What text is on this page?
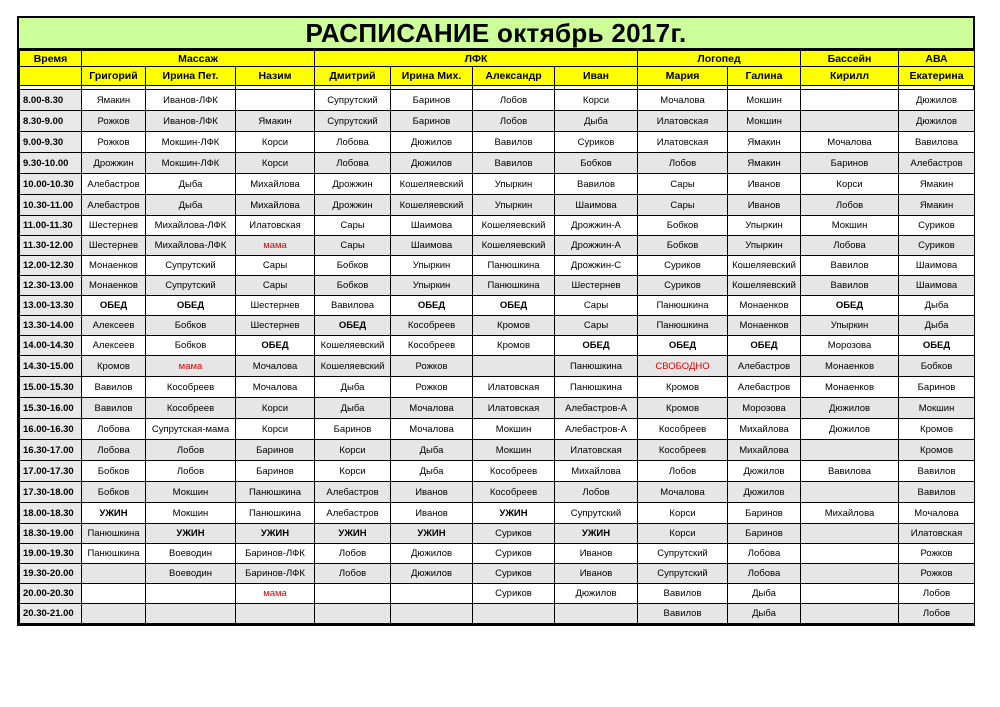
РАСПИСАНИЕ октябрь 2017г.
Время	Массаж			ЛФК				Логопед		Бассейн	АВА
	Григорий	Ирина Пет.	Назим	Дмитрий	Ирина Мих.	Александр	Иван	Мария	Галина	Кирилл	Екатерина

8.00-8.30	Ямакин	Иванов-ЛФК		Супрутский	Баринов	Лобов	Корси	Мочалова	Мокшин		Дюжилов
8.30-9.00	Рожков	Иванов-ЛФК	Ямакин	Супрутский	Баринов	Лобов	Дыба	Илатовская	Мокшин		Дюжилов
9.00-9.30	Рожков	Мокшин-ЛФК	Корси	Лобова	Дюжилов	Вавилов	Суриков	Илатовская	Ямакин	Мочалова	Вавилова
9.30-10.00	Дрожжин	Мокшин-ЛФК	Корси	Лобова	Дюжилов	Вавилов	Бобков	Лобов	Ямакин	Баринов	Алебастров
10.00-10.30	Алебастров	Дыба	Михайлова	Дрожжин	Кошеляевский	Упыркин	Вавилов	Сары	Иванов	Корси	Ямакин
10.30-11.00	Алебастров	Дыба	Михайлова	Дрожжин	Кошеляевский	Упыркин	Шаимова	Сары	Иванов	Лобов	Ямакин
11.00-11.30	Шестернев	Михайлова-ЛФК	Илатовская	Сары	Шаимова	Кошеляевский	Дрожжин-А	Бобков	Упыркин	Мокшин	Суриков
11.30-12.00	Шестернев	Михайлова-ЛФК	мама	Сары	Шаимова	Кошеляевский	Дрожжин-А	Бобков	Упыркин	Лобова	Суриков
12.00-12.30	Монаенков	Супрутский	Сары	Бобков	Упыркин	Панюшкина	Дрожжин-С	Суриков	Кошеляевский	Вавилов	Шаимова
12.30-13.00	Монаенков	Супрутский	Сары	Бобков	Упыркин	Панюшкина	Шестернев	Суриков	Кошеляевский	Вавилов	Шаимова
13.00-13.30	ОБЕД	ОБЕД	Шестернев	Вавилова	ОБЕД	ОБЕД	Сары	Панюшкина	Монаенков	ОБЕД	Дыба
13.30-14.00	Алексеев	Бобков	Шестернев	ОБЕД	Кособреев	Кромов	Сары	Панюшкина	Монаенков	Упыркин	Дыба
14.00-14.30	Алексеев	Бобков	ОБЕД	Кошеляевский	Кособреев	Кромов	ОБЕД	ОБЕД	ОБЕД	Морозова	ОБЕД
14.30-15.00	Кромов	мама	Мочалова	Кошеляевский	Рожков		Панюшкина	СВОБОДНО	Алебастров	Монаенков	Бобков
15.00-15.30	Вавилов	Кособреев	Мочалова	Дыба	Рожков	Илатовская	Панюшкина	Кромов	Алебастров	Монаенков	Баринов
15.30-16.00	Вавилов	Кособреев	Корси	Дыба	Мочалова	Илатовская	Алебастров-А	Кромов	Морозова	Дюжилов	Мокшин
16.00-16.30	Лобова	Супрутская-мама	Корси	Баринов	Мочалова	Мокшин	Алебастров-А	Кособреев	Михайлова	Дюжилов	Кромов
16.30-17.00	Лобова	Лобов	Баринов	Корси	Дыба	Мокшин	Илатовская	Кособреев	Михайлова		Кромов
17.00-17.30	Бобков	Лобов	Баринов	Корси	Дыба	Кособреев	Михайлова	Лобов	Дюжилов	Вавилова	Вавилов
17.30-18.00	Бобков	Мокшин	Панюшкина	Алебастров	Иванов	Кособреев	Лобов	Мочалова	Дюжилов		Вавилов
18.00-18.30	УЖИН	Мокшин	Панюшкина	Алебастров	Иванов	УЖИН	Супрутский	Корси	Баринов	Михайлова	Мочалова
18.30-19.00	Панюшкина	УЖИН	УЖИН	УЖИН	УЖИН	Суриков	УЖИН	Корси	Баринов		Илатовская
19.00-19.30	Панюшкина	Воеводин	Баринов-ЛФК	Лобов	Дюжилов	Суриков	Иванов	Супрутский	Лобова		Рожков
19.30-20.00		Воеводин	Баринов-ЛФК	Лобов	Дюжилов	Суриков	Иванов	Супрутский	Лобова		Рожков
20.00-20.30			мама			Суриков	Дюжилов	Вавилов	Дыба		Лобов
20.30-21.00								Вавилов	Дыба		Лобов
